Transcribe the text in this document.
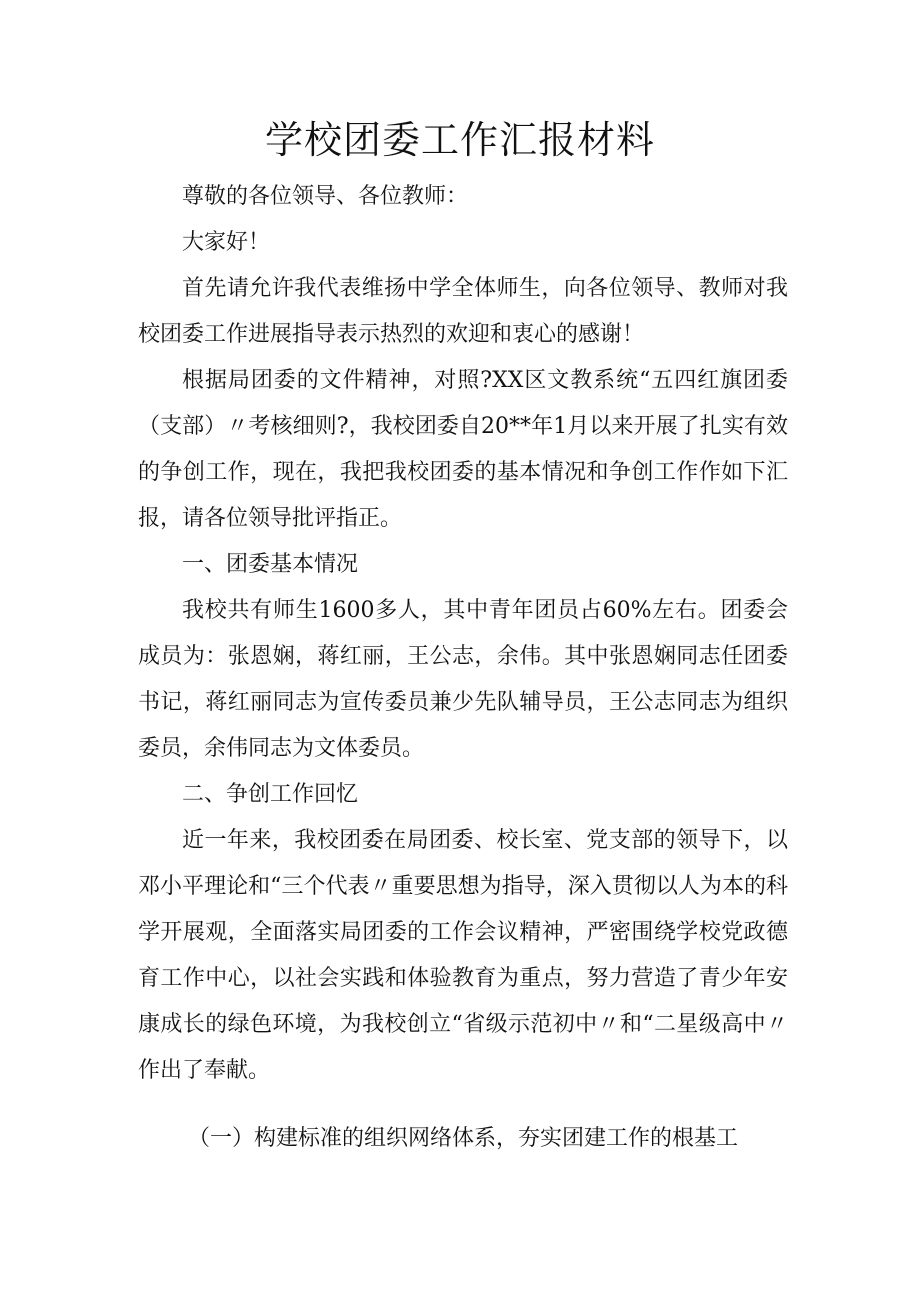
学校团委工作汇报材料

尊敬的各位领导、各位教师：

大家好！

首先请允许我代表维扬中学全体师生，向各位领导、教师对我校团委工作进展指导表示热烈的欢迎和衷心的感谢！

根据局团委的文件精神，对照?XX区文教系统“五四红旗团委（支部）〃考核细则?，我校团委自20**年1月以来开展了扎实有效的争创工作，现在，我把我校团委的基本情况和争创工作作如下汇报，请各位领导批评指正。

一、团委基本情况

我校共有师生1600多人，其中青年团员占60%左右。团委会成员为：张恩娴，蒋红丽，王公志，余伟。其中张恩娴同志任团委书记，蒋红丽同志为宣传委员兼少先队辅导员，王公志同志为组织委员，余伟同志为文体委员。

二、争创工作回忆

近一年来，我校团委在局团委、校长室、党支部的领导下，以邓小平理论和“三个代表〃重要思想为指导，深入贯彻以人为本的科学开展观，全面落实局团委的工作会议精神，严密围绕学校党政德育工作中心，以社会实践和体验教育为重点，努力营造了青少年安康成长的绿色环境，为我校创立“省级示范初中〃和“二星级高中〃作出了奉献。

（一）构建标准的组织网络体系，夯实团建工作的根基工
